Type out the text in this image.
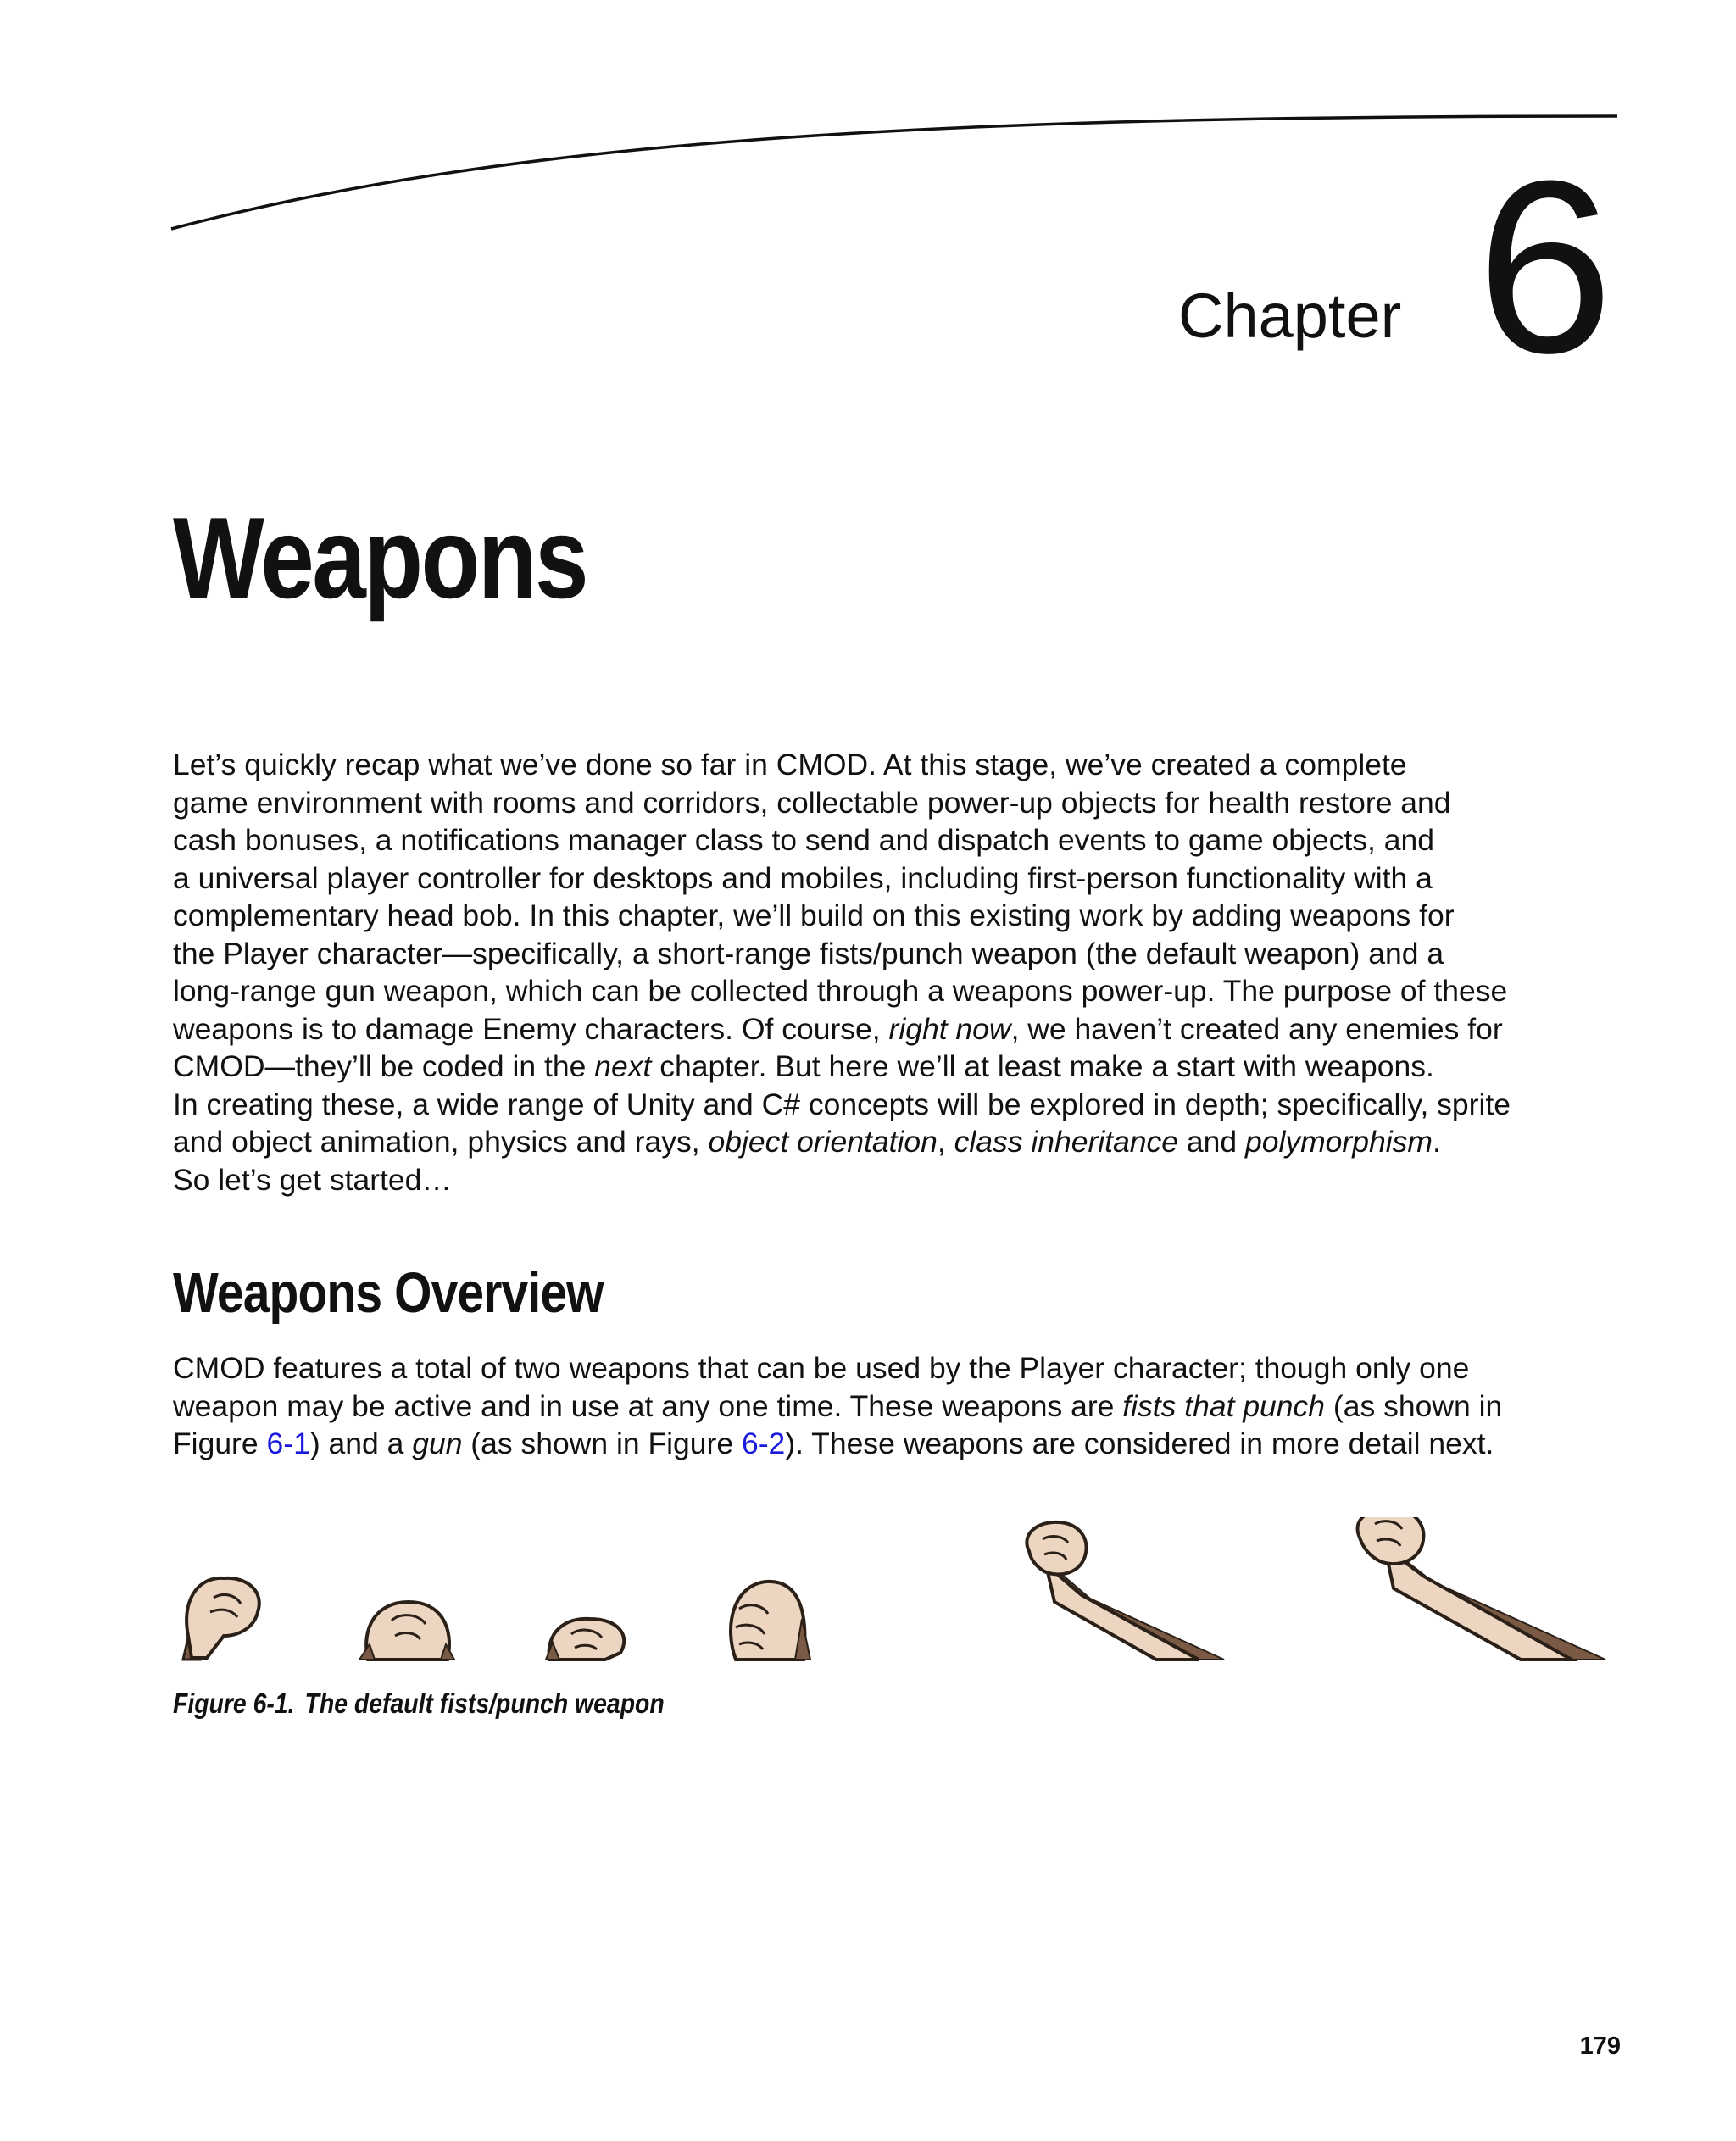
Chapter 6
Weapons

Let’s quickly recap what we’ve done so far in CMOD. At this stage, we’ve created a complete

game environment with rooms and corridors, collectable power-up objects for health restore and

cash bonuses, a notifications manager class to send and dispatch events to game objects, and

a universal player controller for desktops and mobiles, including first-person functionality with a

complementary head bob. In this chapter, we’ll build on this existing work by adding weapons for

the Player character—specifically, a short-range fists/punch weapon (the default weapon) and a

long-range gun weapon, which can be collected through a weapons power-up. The purpose of these

weapons is to damage Enemy characters. Of course, right now, we haven’t created any enemies for

CMOD—they’ll be coded in the next chapter. But here we’ll at least make a start with weapons.

In creating these, a wide range of Unity and C# concepts will be explored in depth; specifically, sprite

and object animation, physics and rays, object orientation, class inheritance and polymorphism.

So let’s get started…

Weapons Overview

CMOD features a total of two weapons that can be used by the Player character; though only one

weapon may be active and in use at any one time. These weapons are fists that punch (as shown in

Figure 6-1) and a gun (as shown in Figure 6-2). These weapons are considered in more detail next.

Figure 6-1. The default fists/punch weapon
179
